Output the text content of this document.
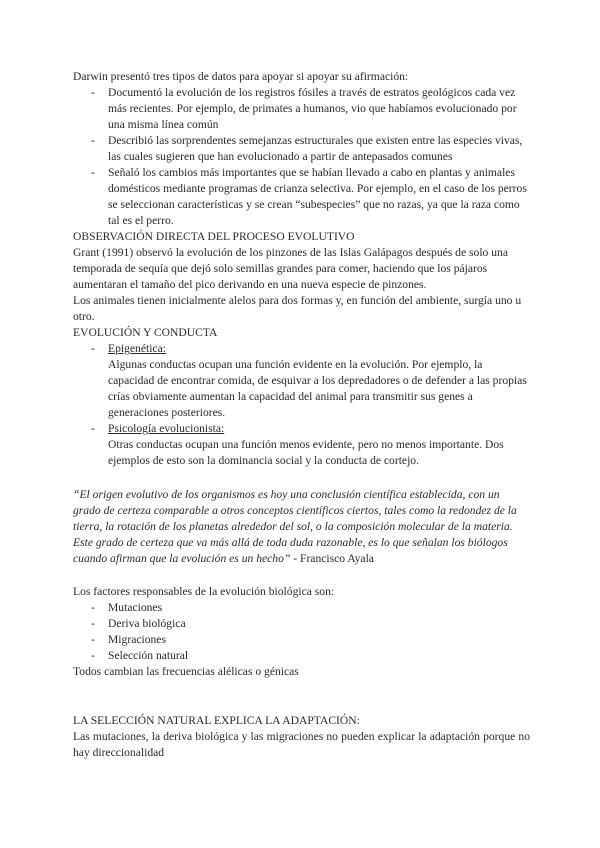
Darwin presentó tres tipos de datos para apoyar si apoyar su afirmación:

- Documentó la evolución de los registros fósiles a través de estratos geológicos cada vez más recientes. Por ejemplo, de primates a humanos, vio que habíamos evolucionado por una misma línea común
- Describió las sorprendentes semejanzas estructurales que existen entre las especies vivas, las cuales sugieren que han evolucionado a partir de antepasados comunes
- Señaló los cambios más importantes que se habían llevado a cabo en plantas y animales domésticos mediante programas de crianza selectiva. Por ejemplo, en el caso de los perros se seleccionan características y se crean “subespecies” que no razas, ya que la raza como tal es el perro.

OBSERVACIÓN DIRECTA DEL PROCESO EVOLUTIVO

Grant (1991) observó la evolución de los pinzones de las Islas Galápagos después de solo una temporada de sequía que dejó solo semillas grandes para comer, haciendo que los pájaros aumentaran el tamaño del pico derivando en una nueva especie de pinzones.

Los animales tienen inicialmente alelos para dos formas y, en función del ambiente, surgía uno u otro.

EVOLUCIÓN Y CONDUCTA

- Epigenética:

Algunas conductas ocupan una función evidente en la evolución. Por ejemplo, la capacidad de encontrar comida, de esquivar a los depredadores o de defender a las propias crías obviamente aumentan la capacidad del animal para transmitir sus genes a generaciones posteriores.

- Psicología evolucionista:

Otras conductas ocupan una función menos evidente, pero no menos importante. Dos ejemplos de esto son la dominancia social y la conducta de cortejo.

“El origen evolutivo de los organismos es hoy una conclusión científica establecida, con un grado de certeza comparable a otros conceptos científicos ciertos, tales como la redondez de la tierra, la rotación de los planetas alrededor del sol, o la composición molecular de la materia. Este grado de certeza que va más allá de toda duda razonable, es lo que señalan los biólogos cuando afirman que la evolución es un hecho” - Francisco Ayala

Los factores responsables de la evolución biológica son:

- Mutaciones
- Deriva biológica
- Migraciones
- Selección natural

Todos cambian las frecuencias alélicas o génicas

LA SELECCIÓN NATURAL EXPLICA LA ADAPTACIÓN:

Las mutaciones, la deriva biológica y las migraciones no pueden explicar la adaptación porque no hay direccionalidad
